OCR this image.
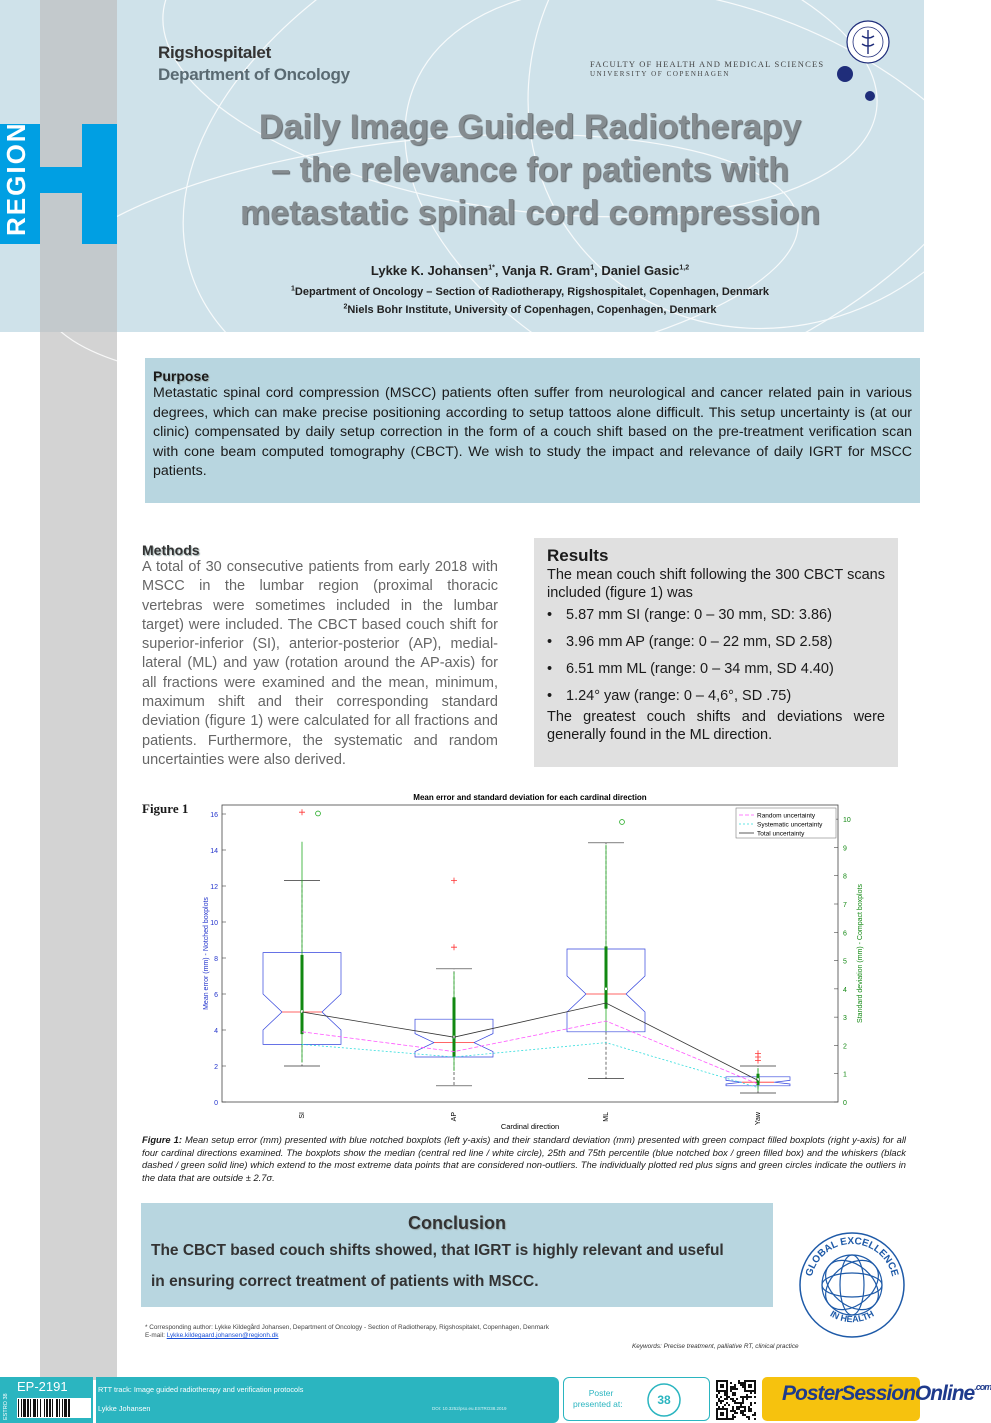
REGION
Rigshospitalet
Department of Oncology
FACULTY OF HEALTH AND MEDICAL SCIENCES
UNIVERSITY OF COPENHAGEN
Daily Image Guided Radiotherapy
– the relevance for patients with
metastatic spinal cord compression
Lykke K. Johansen$^{1*}$, Vanja R. Gram$^1$, Daniel Gasic$^{1,2}$
$^1$Department of Oncology – Section of Radiotherapy, Rigshospitalet, Copenhagen, Denmark
$^2$Niels Bohr Institute, University of Copenhagen, Copenhagen, Denmark
Purpose

Metastatic spinal cord compression (MSCC) patients often suffer from neurological and cancer related pain in various degrees, which can make precise positioning according to setup tattoos alone difficult. This setup uncertainty is (at our clinic) compensated by daily setup correction in the form of a couch shift based on the pre-treatment verification scan with cone beam computed tomography (CBCT). We wish to study the impact and relevance of daily IGRT for MSCC patients.

Methods

A total of 30 consecutive patients from early 2018 with MSCC in the lumbar region (proximal thoracic vertebras were sometimes included in the lumbar target) were included. The CBCT based couch shift for superior-inferior (SI), anterior-posterior (AP), medial-lateral (ML) and yaw (rotation around the AP-axis) for all fractions were examined and the mean, minimum, maximum shift and their corresponding standard deviation (figure 1) were calculated for all fractions and patients. Furthermore, the systematic and random uncertainties were also derived.

Results

The mean couch shift following the 300 CBCT scans included (figure 1) was

• 5.87 mm SI (range: 0 – 30 mm, SD: 3.86)
• 3.96 mm AP (range: 0 – 22 mm, SD 2.58)
• 6.51 mm ML (range: 0 – 34 mm, SD 4.40)
• 1.24° yaw (range: 0 – 4,6°, SD .75)

The greatest couch shifts and deviations were generally found in the ML direction.

Figure 1
Mean error and standard deviation for each cardinal direction
Cardinal direction
Mean error (mm) - Notched boxplots	Standard deviation (mm) - Compact boxplots
0
2
4
6
8
10
12
14
16
0
1
2
3
4
5
6
7
8
9
10
SI	AP	ML	Yaw
Random uncertainty
Systematic uncertainty
Total uncertainty
Figure 1: Mean setup error (mm) presented with blue notched boxplots (left y-axis) and their standard deviation (mm) presented with green compact filled boxplots (right y-axis) for all four cardinal directions examined. The boxplots show the median (central red line / white circle), 25th and 75th percentile (blue notched box / green filled box) and the whiskers (black dashed / green solid line) which extend to the most extreme data points that are considered non-outliers. The individually plotted red plus signs and green circles indicate the outliers in the data that are outside ± 2.7σ.
Conclusion

The CBCT based couch shifts showed, that IGRT is highly relevant and useful

in ensuring correct treatment of patients with MSCC.

GLOBAL EXCELLENCE
IN HEALTH
* Corresponding author: Lykke Kildegård Johansen, Department of Oncology - Section of Radiotherapy, Rigshospitalet, Copenhagen, Denmark
E-mail: Lykke.kildegaard.johansen@regionh.dk
Keywords: Precise treatment, palliative RT, clinical practice
EP-2191
ESTRO 38
RTT track: Image guided radiotherapy and verification protocols
Lykke Johansen	DOI: 10.3252/pso.eu.ESTRO38.2019
Poster
presented at:	38	PosterSessionOnline$^{.com}$
